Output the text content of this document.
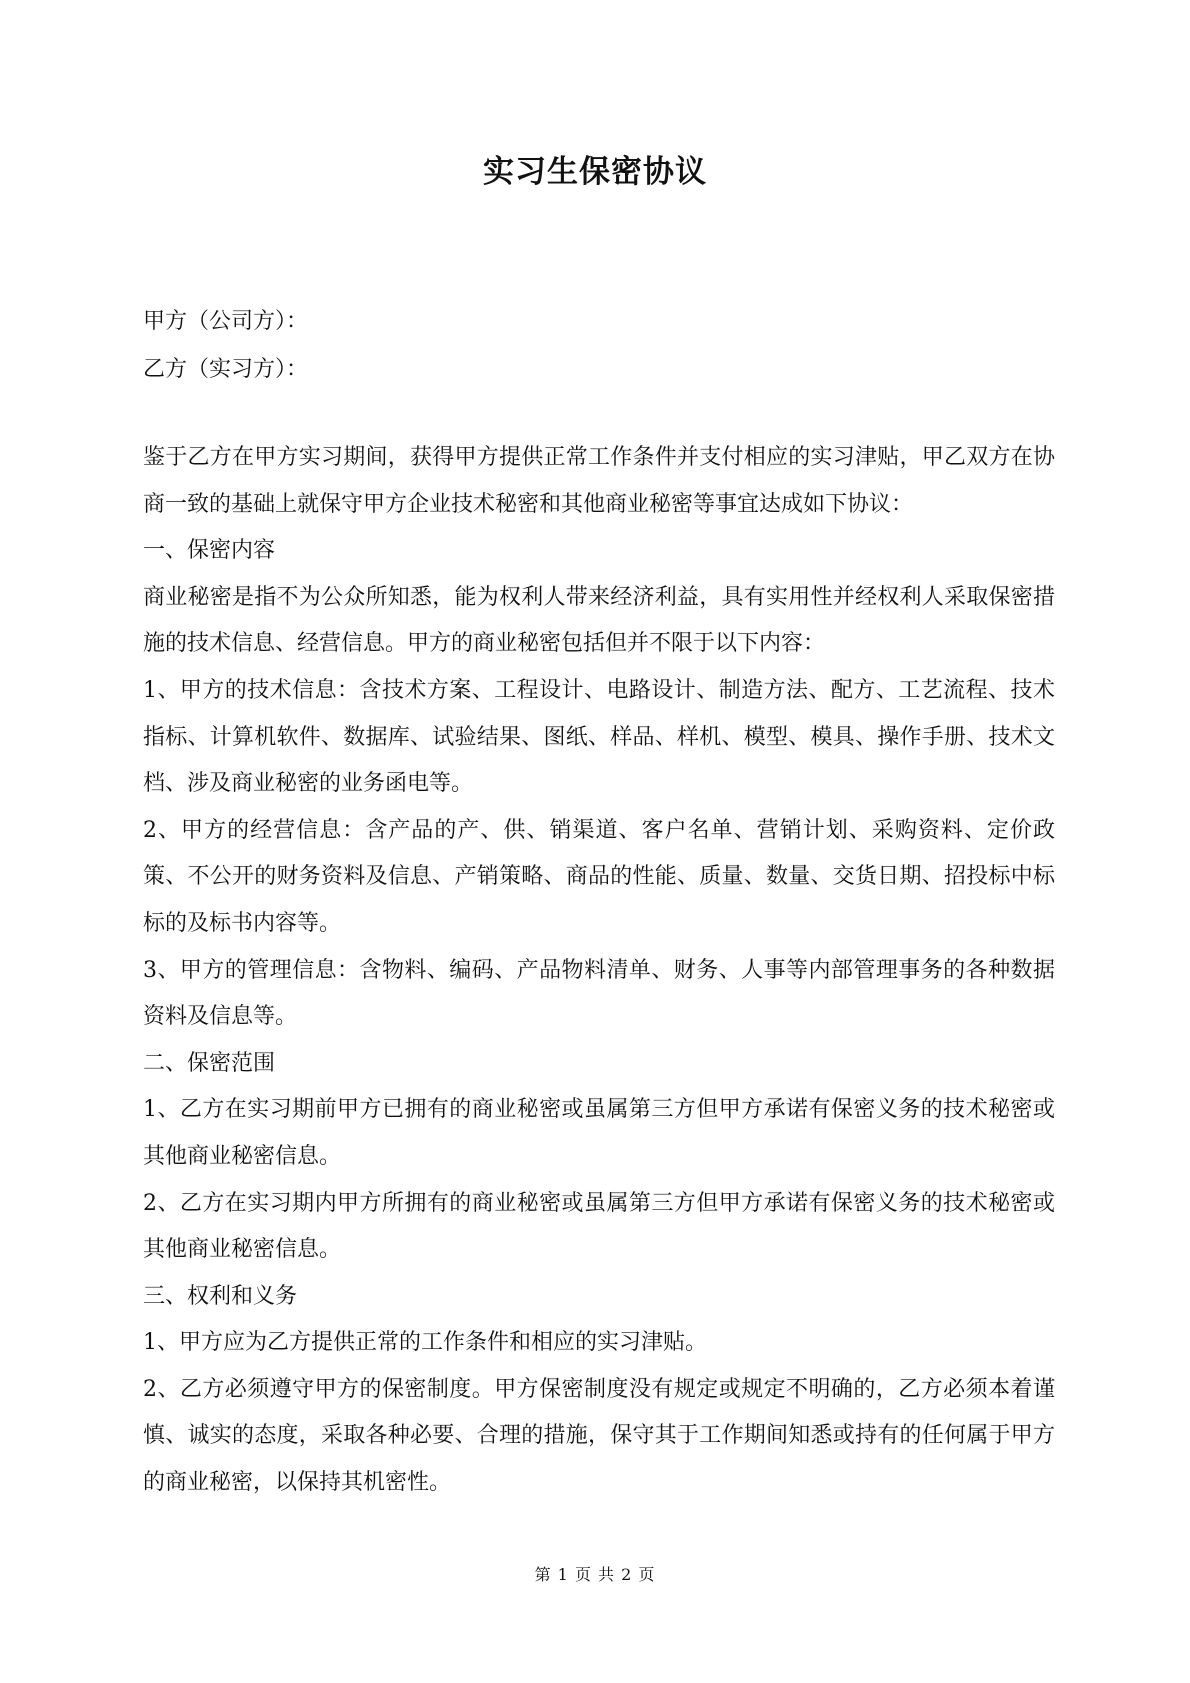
实习生保密协议
甲方（公司方）：
乙方（实习方）：

鉴于乙方在甲方实习期间，获得甲方提供正常工作条件并支付相应的实习津贴，甲乙双方在协商一致的基础上就保守甲方企业技术秘密和其他商业秘密等事宜达成如下协议：

一、保密内容

商业秘密是指不为公众所知悉，能为权利人带来经济利益，具有实用性并经权利人采取保密措施的技术信息、经营信息。甲方的商业秘密包括但并不限于以下内容：

1、甲方的技术信息：含技术方案、工程设计、电路设计、制造方法、配方、工艺流程、技术指标、计算机软件、数据库、试验结果、图纸、样品、样机、模型、模具、操作手册、技术文档、涉及商业秘密的业务函电等。

2、甲方的经营信息：含产品的产、供、销渠道、客户名单、营销计划、采购资料、定价政策、不公开的财务资料及信息、产销策略、商品的性能、质量、数量、交货日期、招投标中标标的及标书内容等。

3、甲方的管理信息：含物料、编码、产品物料清单、财务、人事等内部管理事务的各种数据资料及信息等。

二、保密范围

1、乙方在实习期前甲方已拥有的商业秘密或虽属第三方但甲方承诺有保密义务的技术秘密或其他商业秘密信息。

2、乙方在实习期内甲方所拥有的商业秘密或虽属第三方但甲方承诺有保密义务的技术秘密或其他商业秘密信息。

三、权利和义务

1、甲方应为乙方提供正常的工作条件和相应的实习津贴。

2、乙方必须遵守甲方的保密制度。甲方保密制度没有规定或规定不明确的，乙方必须本着谨慎、诚实的态度，采取各种必要、合理的措施，保守其于工作期间知悉或持有的任何属于甲方的商业秘密，以保持其机密性。

第 1 页 共 2 页
